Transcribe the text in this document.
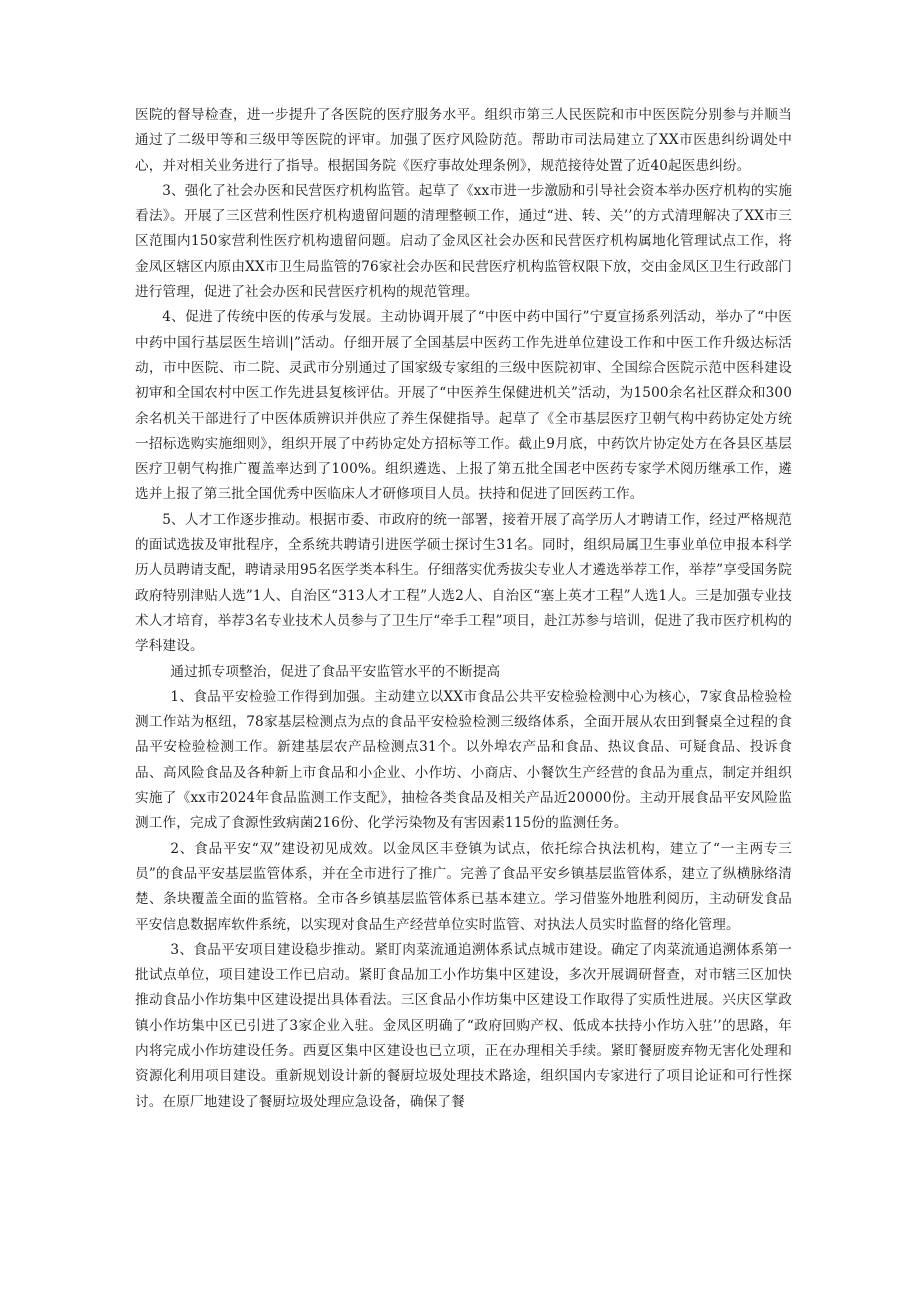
医院的督导检查，进一步提升了各医院的医疗服务水平。组织市第三人民医院和市中医医院分别参与并顺当通过了二级甲等和三级甲等医院的评审。加强了医疗风险防范。帮助市司法局建立了XX市医患纠纷调处中心，并对相关业务进行了指导。根据国务院《医疗事故处理条例》，规范接待处置了近40起医患纠纷。

3、强化了社会办医和民营医疗机构监管。起草了《xx市进一步激励和引导社会资本举办医疗机构的实施看法》。开展了三区营利性医疗机构遗留问题的清理整顿工作，通过“进、转、关’’的方式清理解决了XX市三区范围内150家营利性医疗机构遗留问题。启动了金凤区社会办医和民营医疗机构属地化管理试点工作，将金凤区辖区内原由XX市卫生局监管的76家社会办医和民营医疗机构监管权限下放，交由金凤区卫生行政部门进行管理，促进了社会办医和民营医疗机构的规范管理。

4、促进了传统中医的传承与发展。主动协调开展了“中医中药中国行”宁夏宣扬系列活动，举办了“中医中药中国行基层医生培训|”活动。仔细开展了全国基层中医药工作先进单位建设工作和中医工作升级达标活动，市中医院、市二院、灵武市分别通过了国家级专家组的三级中医院初审、全国综合医院示范中医科建设初审和全国农村中医工作先进县复核评估。开展了“中医养生保健进机关”活动，为1500余名社区群众和300余名机关干部进行了中医体质辨识并供应了养生保健指导。起草了《全市基层医疗卫朝气构中药协定处方统一招标选购实施细则》，组织开展了中药协定处方招标等工作。截止9月底，中药饮片协定处方在各县区基层医疗卫朝气构推广覆盖率达到了100%。组织遴选、上报了第五批全国老中医药专家学术阅历继承工作，遴选并上报了第三批全国优秀中医临床人才研修项目人员。扶持和促进了回医药工作。

5、人才工作逐步推动。根据市委、市政府的统一部署，接着开展了高学历人才聘请工作，经过严格规范的面试选拔及审批程序，全系统共聘请引进医学硕士探讨生31名。同时，组织局属卫生事业单位申报本科学历人员聘请支配，聘请录用95名医学类本科生。仔细落实优秀拔尖专业人才遴选举荐工作，举荐”享受国务院政府特别津贴人选”1人、自治区“313人才工程”人选2人、自治区“塞上英才工程”人选1人。三是加强专业技术人才培育，举荐3名专业技术人员参与了卫生厅“牵手工程”项目，赴江苏参与培训，促进了我市医疗机构的学科建设。

通过抓专项整治，促进了食品平安监管水平的不断提高

1、食品平安检验工作得到加强。主动建立以XX市食品公共平安检验检测中心为核心，7家食品检验检测工作站为枢纽，78家基层检测点为点的食品平安检验检测三级络体系，全面开展从农田到餐桌全过程的食品平安检验检测工作。新建基层农产品检测点31个。以外埠农产品和食品、热议食品、可疑食品、投诉食品、高风险食品及各种新上市食品和小企业、小作坊、小商店、小餐饮生产经营的食品为重点，制定并组织实施了《xx市2024年食品监测工作支配》，抽检各类食品及相关产品近20000份。主动开展食品平安风险监测工作，完成了食源性致病菌216份、化学污染物及有害因素115份的监测任务。

2、食品平安“双”建设初见成效。以金凤区丰登镇为试点，依托综合执法机构，建立了“一主两专三员”的食品平安基层监管体系，并在全市进行了推广。完善了食品平安乡镇基层监管体系，建立了纵横脉络清楚、条块覆盖全面的监管格。全市各乡镇基层监管体系已基本建立。学习借鉴外地胜利阅历，主动研发食品平安信息数据库软件系统，以实现对食品生产经营单位实时监管、对执法人员实时监督的络化管理。

3、食品平安项目建设稳步推动。紧盯肉菜流通追溯体系试点城市建设。确定了肉菜流通追溯体系第一批试点单位，项目建设工作已启动。紧盯食品加工小作坊集中区建设，多次开展调研督查，对市辖三区加快推动食品小作坊集中区建设提出具体看法。三区食品小作坊集中区建设工作取得了实质性进展。兴庆区掌政镇小作坊集中区已引进了3家企业入驻。金凤区明确了“政府回购产权、低成本扶持小作坊入驻’’的思路，年内将完成小作坊建设任务。西夏区集中区建设也已立项，正在办理相关手续。紧盯餐厨废弃物无害化处理和资源化利用项目建设。重新规划设计新的餐厨垃圾处理技术路途，组织国内专家进行了项目论证和可行性探讨。在原厂地建设了餐厨垃圾处理应急设备，确保了餐
